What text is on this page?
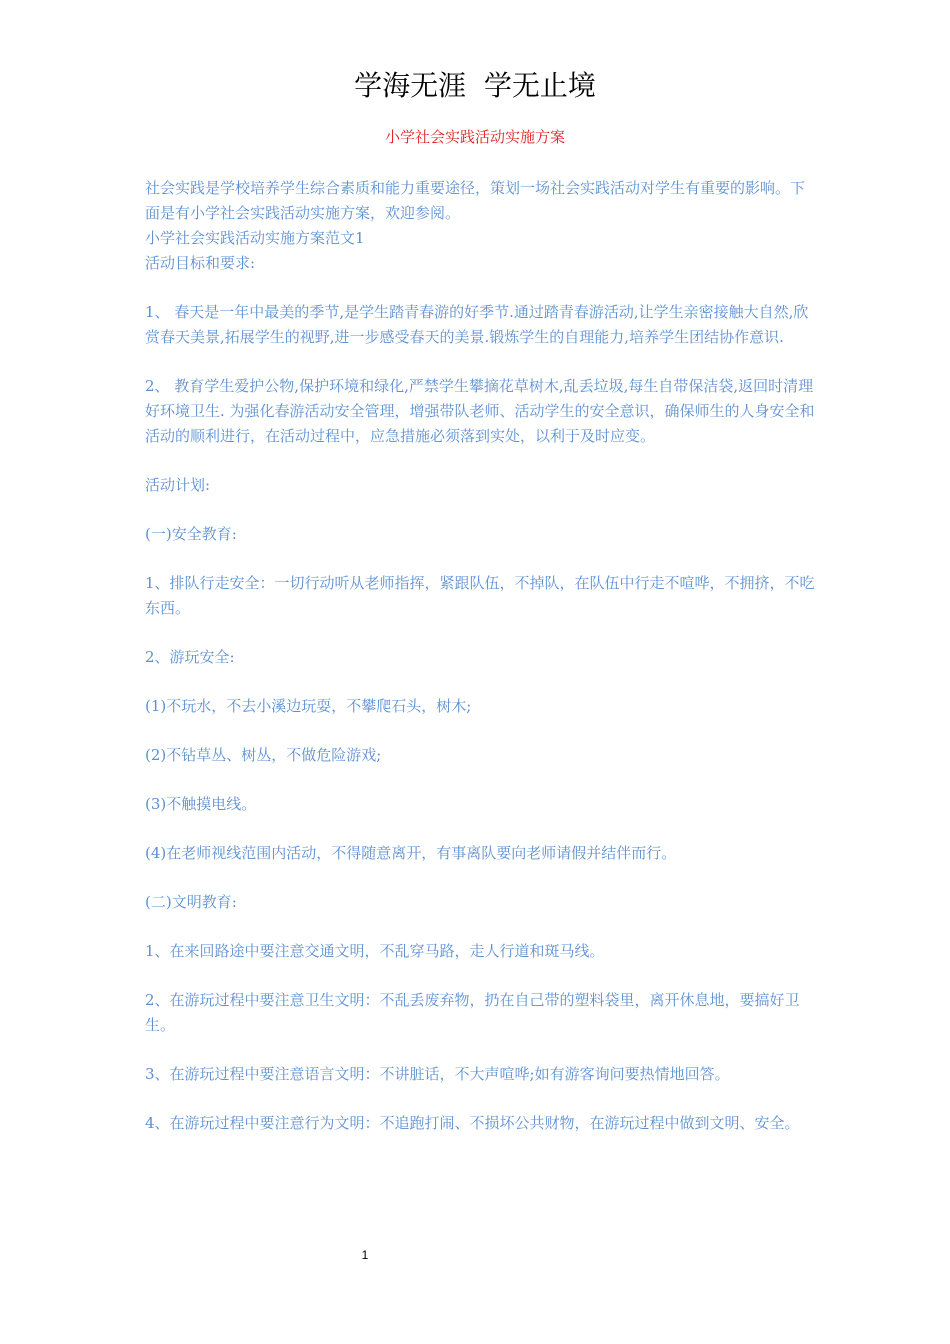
学海无涯  学无止境
小学社会实践活动实施方案

社会实践是学校培养学生综合素质和能力重要途径，策划一场社会实践活动对学生有重要的影响。下面是有小学社会实践活动实施方案，欢迎参阅。

小学社会实践活动实施方案范文1

活动目标和要求:

1、 春天是一年中最美的季节,是学生踏青春游的好季节.通过踏青春游活动,让学生亲密接触大自然,欣赏春天美景,拓展学生的视野,进一步感受春天的美景.锻炼学生的自理能力,培养学生团结协作意识.

2、 教育学生爱护公物,保护环境和绿化,严禁学生攀摘花草树木,乱丢垃圾,每生自带保洁袋,返回时清理好环境卫生. 为强化春游活动安全管理，增强带队老师、活动学生的安全意识，确保师生的人身安全和活动的顺利进行，在活动过程中，应急措施必须落到实处，以利于及时应变。

活动计划:

(一)安全教育:

1、排队行走安全：一切行动听从老师指挥，紧跟队伍，不掉队，在队伍中行走不喧哗，不拥挤，不吃东西。

2、游玩安全:

(1)不玩水，不去小溪边玩耍，不攀爬石头，树木;

(2)不钻草丛、树丛，不做危险游戏;

(3)不触摸电线。

(4)在老师视线范围内活动，不得随意离开，有事离队要向老师请假并结伴而行。

(二)文明教育:

1、在来回路途中要注意交通文明，不乱穿马路，走人行道和斑马线。

2、在游玩过程中要注意卫生文明：不乱丢废弃物，扔在自己带的塑料袋里，离开休息地，要搞好卫生。

3、在游玩过程中要注意语言文明：不讲脏话，不大声喧哗;如有游客询问要热情地回答。

4、在游玩过程中要注意行为文明：不追跑打闹、不损坏公共财物，在游玩过程中做到文明、安全。

1
